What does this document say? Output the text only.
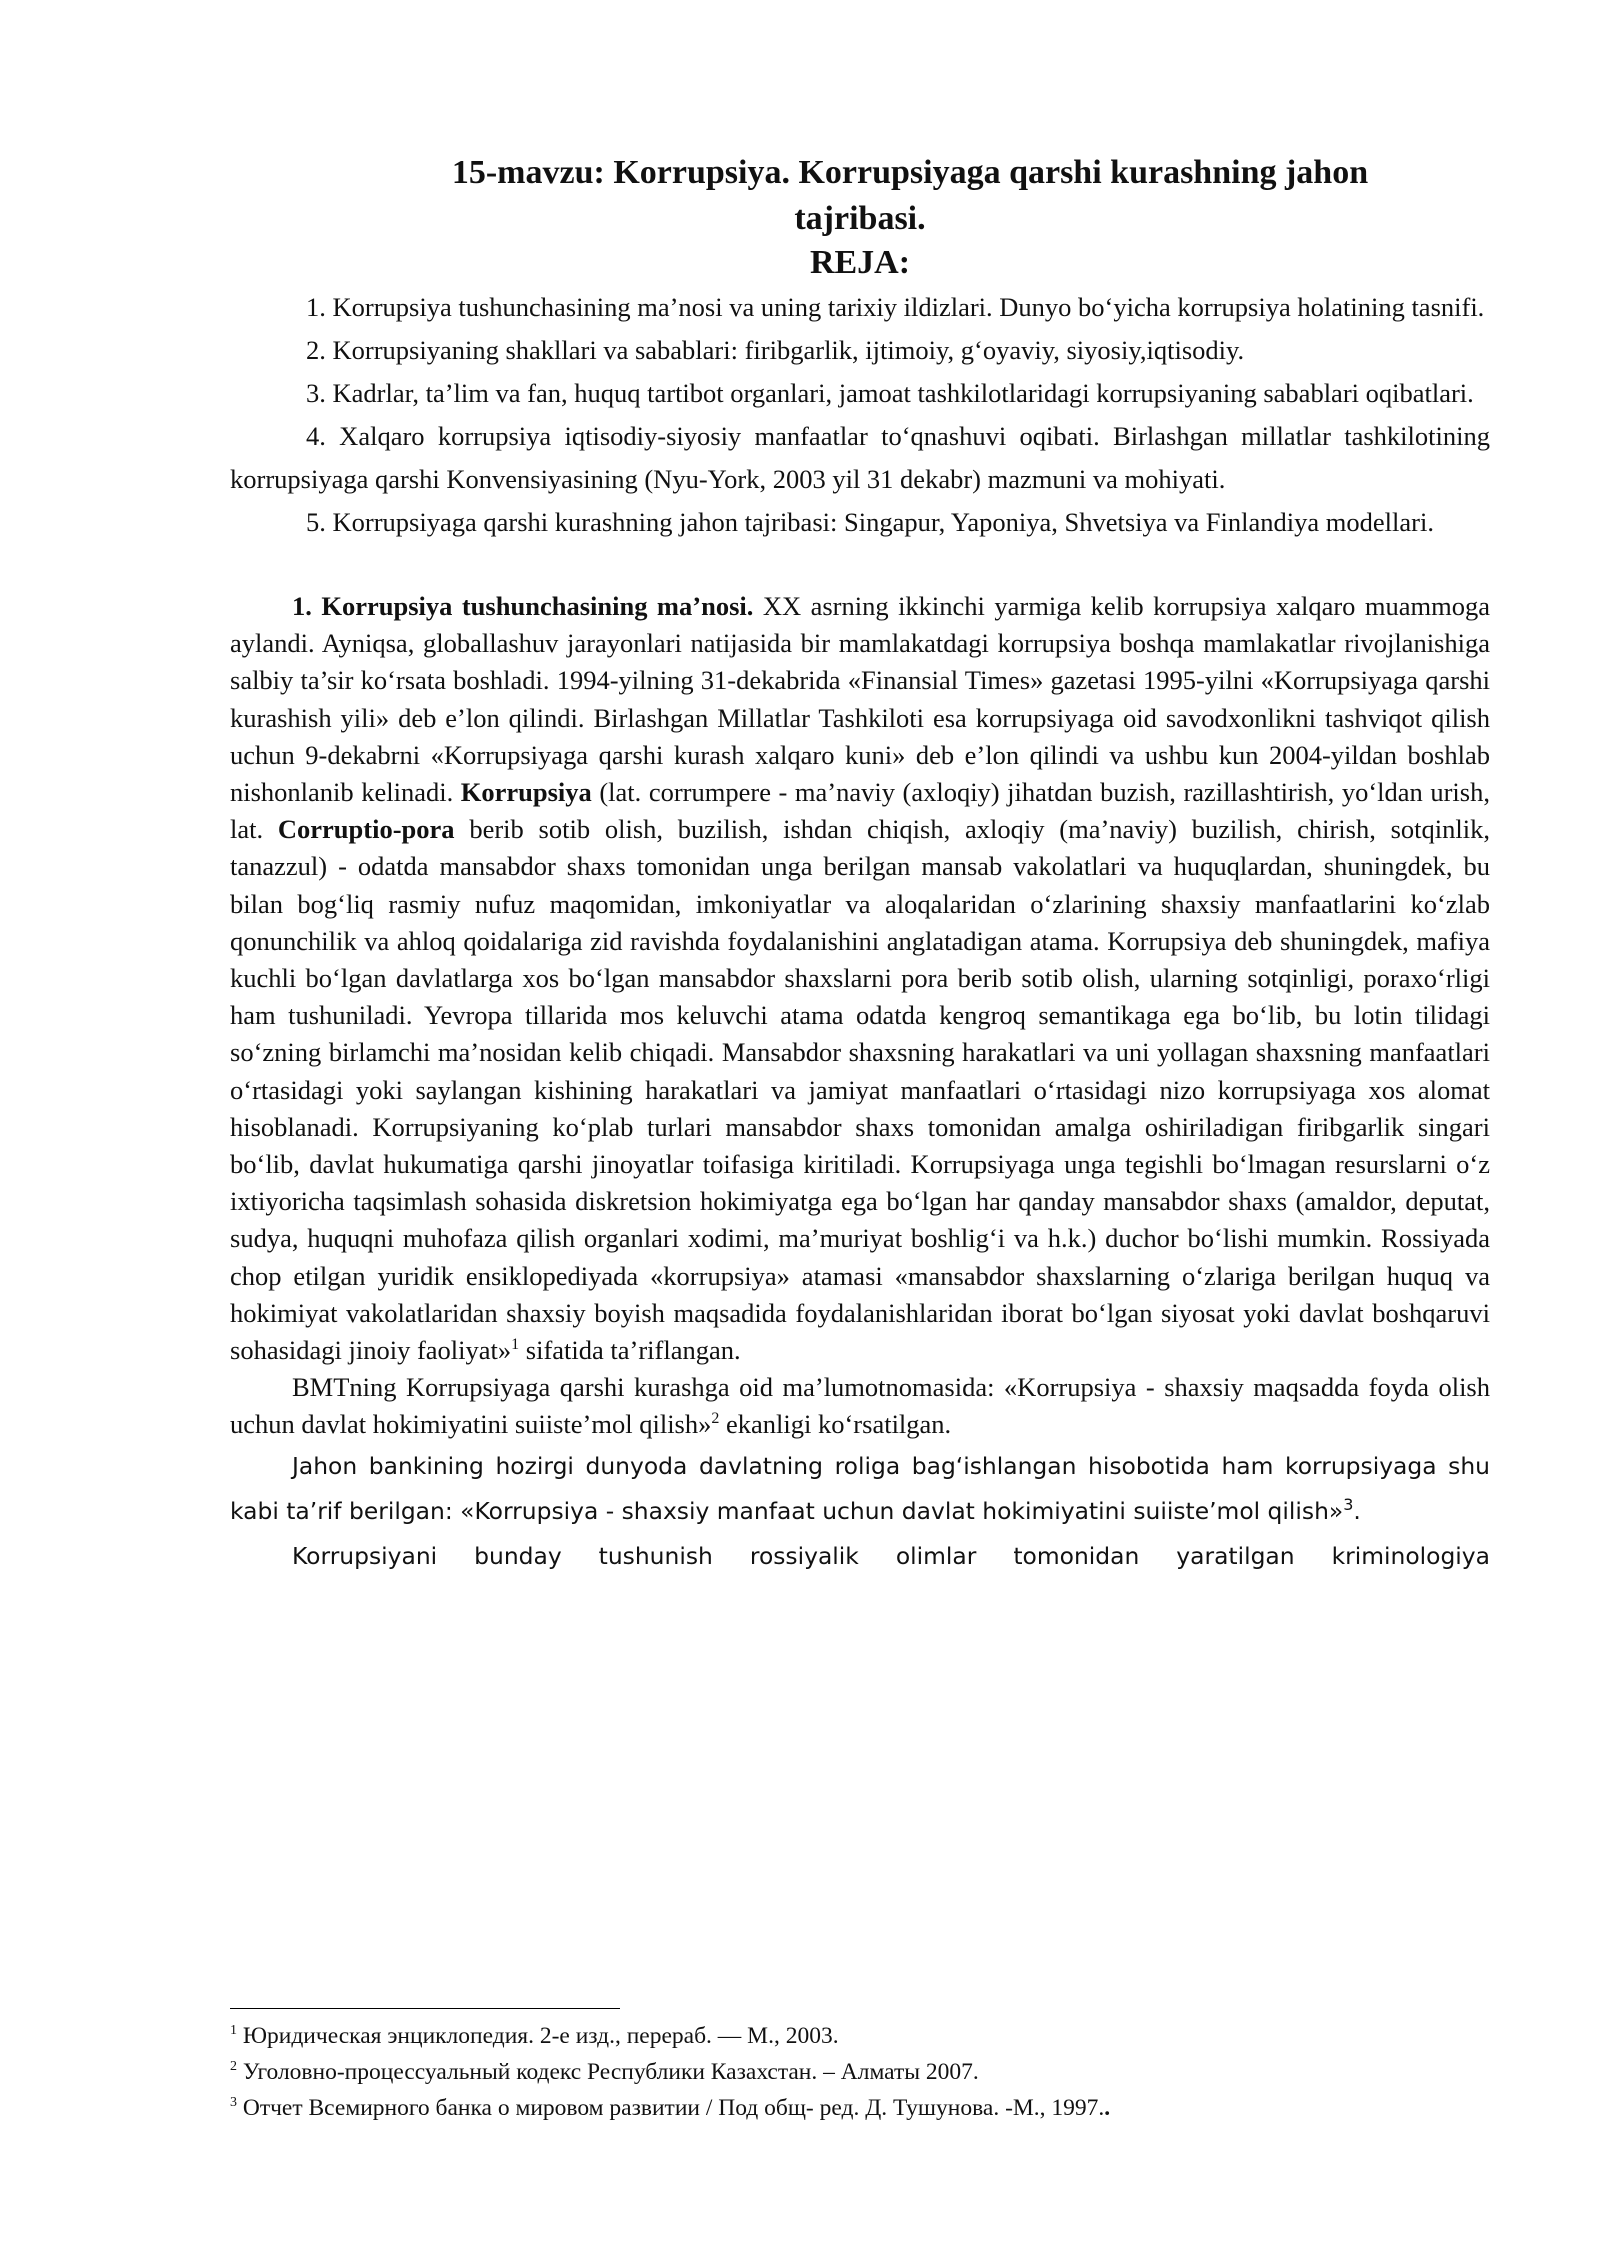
15-mavzu: Korrupsiya. Korrupsiyaga qarshi kurashning jahon
tajribasi.
REJA:

1. Korrupsiya tushunchasining ma’nosi va uning tarixiy ildizlari. Dunyo bo‘yicha korrupsiya holatining tasnifi.

2. Korrupsiyaning shakllari va sabablari: firibgarlik, ijtimoiy, g‘oyaviy, siyosiy,iqtisodiy.

3. Kadrlar, ta’lim va fan, huquq tartibot organlari, jamoat tashkilotlaridagi korrupsiyaning sabablari oqibatlari.

4. Xalqaro korrupsiya iqtisodiy-siyosiy manfaatlar to‘qnashuvi oqibati. Birlashgan millatlar tashkilotining korrupsiyaga qarshi Konvensiyasining (Nyu-York, 2003 yil 31 dekabr) mazmuni va mohiyati.

5. Korrupsiyaga qarshi kurashning jahon tajribasi: Singapur, Yaponiya, Shvetsiya va Finlandiya modellari.

1. Korrupsiya tushunchasining ma’nosi. XX asrning ikkinchi yarmiga kelib korrupsiya xalqaro muammoga aylandi. Ayniqsa, globallashuv jarayonlari natijasida bir mamlakatdagi korrupsiya boshqa mamlakatlar rivojlanishiga salbiy ta’sir ko‘rsata boshladi. 1994-yilning 31-dekabrida «Finansial Times» gazetasi 1995-yilni «Korrupsiyaga qarshi kurashish yili» deb e’lon qilindi. Birlashgan Millatlar Tashkiloti esa korrupsiyaga oid savodxonlikni tashviqot qilish uchun 9-dekabrni «Korrupsiyaga qarshi kurash xalqaro kuni» deb e’lon qilindi va ushbu kun 2004-yildan boshlab nishonlanib kelinadi. Korrupsiya (lat. corrumpere - ma’naviy (axloqiy) jihatdan buzish, razillashtirish, yo‘ldan urish, lat. Corruptio-pora berib sotib olish, buzilish, ishdan chiqish, axloqiy (ma’naviy) buzilish, chirish, sotqinlik, tanazzul) - odatda mansabdor shaxs tomonidan unga berilgan mansab vakolatlari va huquqlardan, shuningdek, bu bilan bog‘liq rasmiy nufuz maqomidan, imkoniyatlar va aloqalaridan o‘zlarining shaxsiy manfaatlarini ko‘zlab qonunchilik va ahloq qoidalariga zid ravishda foydalanishini anglatadigan atama. Korrupsiya deb shuningdek, mafiya kuchli bo‘lgan davlatlarga xos bo‘lgan mansabdor shaxslarni pora berib sotib olish, ularning sotqinligi, poraxo‘rligi ham tushuniladi. Yevropa tillarida mos keluvchi atama odatda kengroq semantikaga ega bo‘lib, bu lotin tilidagi so‘zning birlamchi ma’nosidan kelib chiqadi. Mansabdor shaxsning harakatlari va uni yollagan shaxsning manfaatlari o‘rtasidagi yoki saylangan kishining harakatlari va jamiyat manfaatlari o‘rtasidagi nizo korrupsiyaga xos alomat hisoblanadi. Korrupsiyaning ko‘plab turlari mansabdor shaxs tomonidan amalga oshiriladigan firibgarlik singari bo‘lib, davlat hukumatiga qarshi jinoyatlar toifasiga kiritiladi. Korrupsiyaga unga tegishli bo‘lmagan resurslarni o‘z ixtiyoricha taqsimlash sohasida diskretsion hokimiyatga ega bo‘lgan har qanday mansabdor shaxs (amaldor, deputat, sudya, huquqni muhofaza qilish organlari xodimi, ma’muriyat boshlig‘i va h.k.) duchor bo‘lishi mumkin. Rossiyada chop etilgan yuridik ensiklopediyada «korrupsiya» atamasi «mansabdor shaxslarning o‘zlariga berilgan huquq va hokimiyat vakolatlaridan shaxsiy boyish maqsadida foydalanishlaridan iborat bo‘lgan siyosat yoki davlat boshqaruvi sohasidagi jinoiy faoliyat»$^1$ sifatida ta’riflangan.

BMTning Korrupsiyaga qarshi kurashga oid ma’lumotnomasida: «Korrupsiya - shaxsiy maqsadda foyda olish uchun davlat hokimiyatini suiiste’mol qilish»$^2$ ekanligi ko‘rsatilgan.

Jahon bankining hozirgi dunyoda davlatning roliga bag‘ishlangan hisobotida ham korrupsiyaga shu kabi ta’rif berilgan: «Korrupsiya - shaxsiy manfaat uchun davlat hokimiyatini suiiste’mol qilish»$^3$.

Korrupsiyani bunday tushunish rossiyalik olimlar tomonidan yaratilgan kriminologiya

$^1$ Юридическая энциклопедия. 2-е изд., перераб. — М., 2003.
$^2$ Уголовно-процессуальный кодекс Республики Казахстан. – Алматы 2007.
$^3$ Отчет Всемирного банка о мировом развитии / Под общ- ред. Д. Тушунова. -М., 1997..
